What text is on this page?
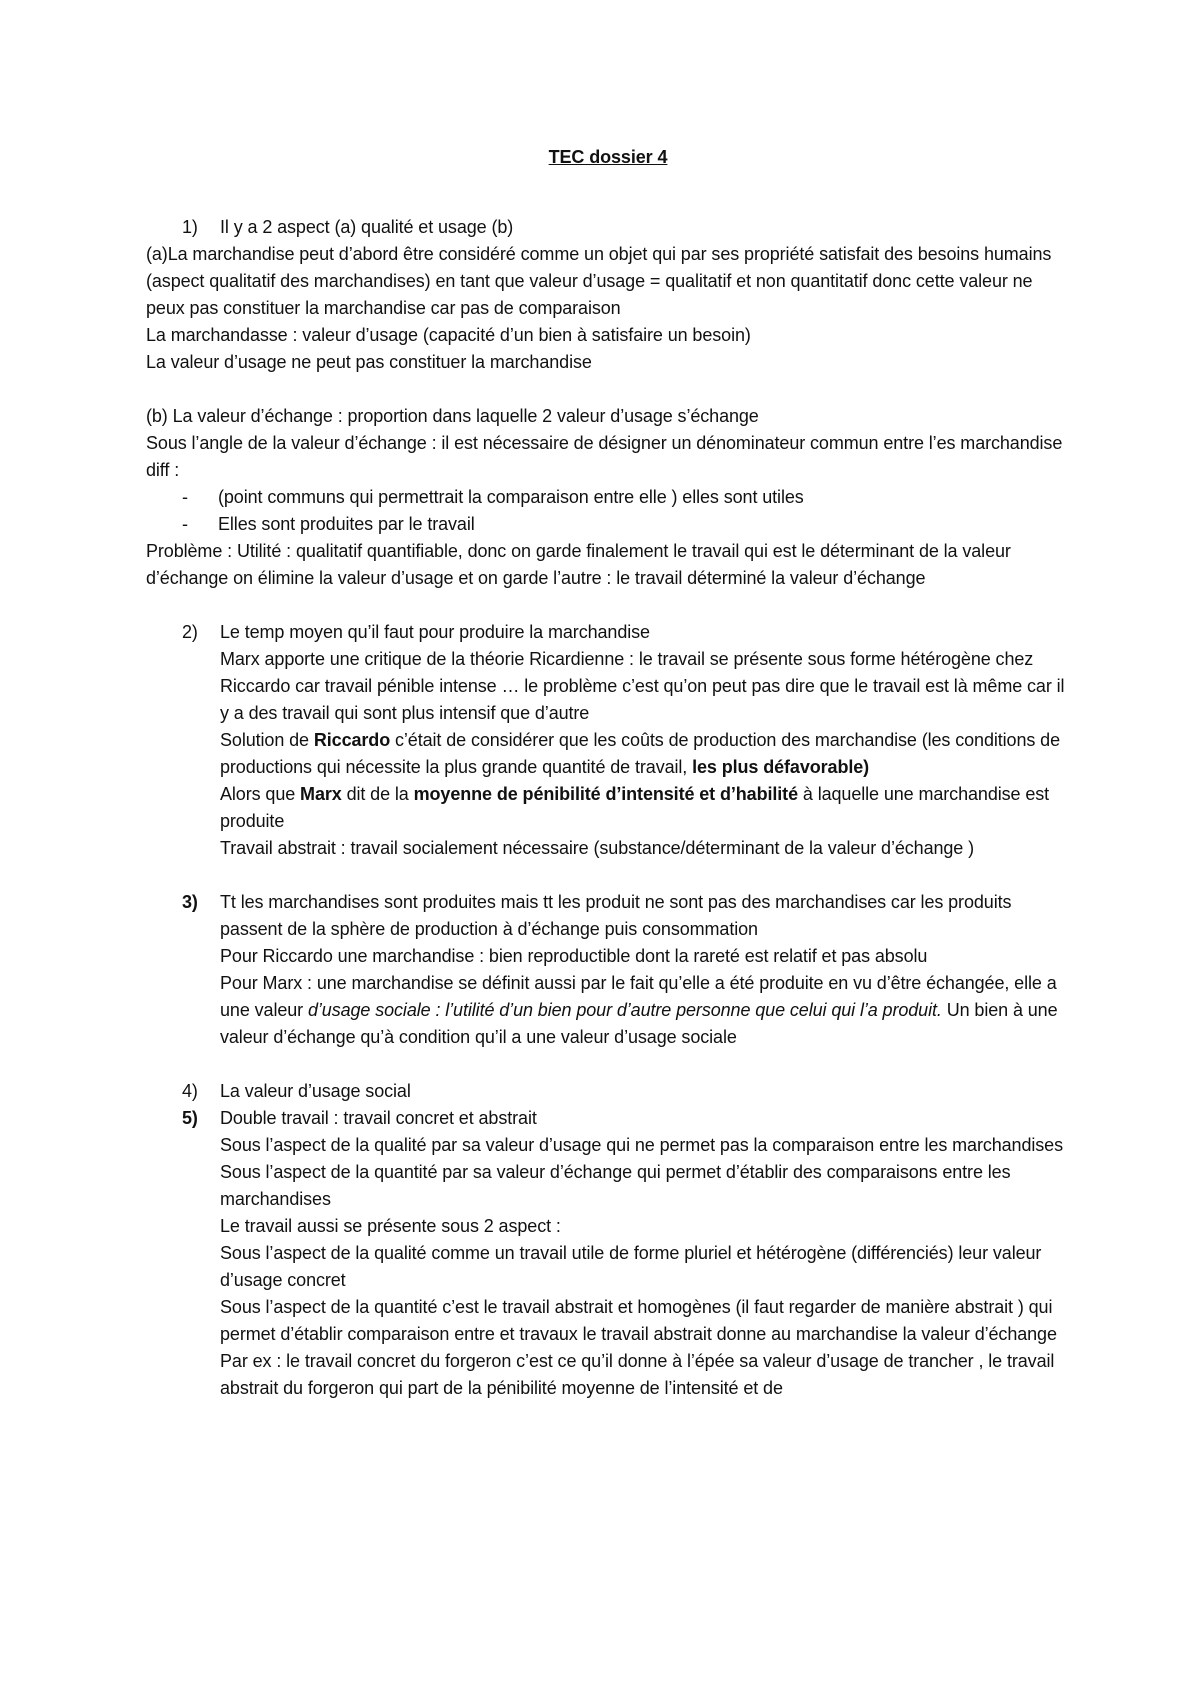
TEC dossier 4

1)	Il y a 2 aspect (a) qualité et usage (b)

(a)La marchandise peut d’abord être considéré comme un objet qui par ses propriété satisfait des besoins humains (aspect qualitatif des marchandises) en tant que valeur d’usage = qualitatif et non quantitatif donc cette valeur ne peux pas constituer la marchandise car pas de comparaison

La marchandasse : valeur d’usage (capacité d’un bien à satisfaire un besoin)

La valeur d’usage ne peut pas constituer la marchandise

(b) La valeur d’échange : proportion dans laquelle 2 valeur d’usage s’échange

Sous l’angle de la valeur d’échange : il est nécessaire de désigner un dénominateur commun entre l’es marchandise diff :

-	(point communs qui permettrait la comparaison entre elle ) elles sont utiles
-	Elles sont produites par le travail

Problème : Utilité : qualitatif quantifiable, donc on garde finalement le travail qui est le déterminant de la valeur d’échange on élimine la valeur d’usage et on garde l’autre : le travail déterminé la valeur d’échange

2)	Le temp moyen qu’il faut pour produire la marchandise

Marx apporte une critique de la théorie Ricardienne : le travail se présente sous forme hétérogène chez Riccardo car travail pénible intense … le problème c’est qu’on peut pas dire que le travail est là même car il y a des travail qui sont plus intensif que d’autre

Solution de Riccardo c’était de considérer que les coûts de production des marchandise (les conditions de productions qui nécessite la plus grande quantité de travail, les plus défavorable)

Alors que Marx dit de la moyenne de pénibilité d’intensité et d’habilité à laquelle une marchandise est produite

Travail abstrait : travail socialement nécessaire (substance/déterminant de la valeur d’échange )

3)	Tt les marchandises sont produites mais tt les produit ne sont pas des marchandises car les produits passent de la sphère de production à d’échange puis consommation

Pour Riccardo une marchandise : bien reproductible dont la rareté est relatif et pas absolu

Pour Marx : une marchandise se définit aussi par le fait qu’elle a été produite en vu d’être échangée, elle a une valeur d’usage sociale : l’utilité d’un bien pour d’autre personne que celui qui l’a produit. Un bien à une valeur d’échange qu’à condition qu’il a une valeur d’usage sociale

4)	La valeur d’usage social
5)	Double travail : travail concret et abstrait

Sous l’aspect de la qualité par sa valeur d’usage qui ne permet pas la comparaison entre les marchandises

Sous l’aspect de la quantité par sa valeur d’échange qui permet d’établir des comparaisons entre les marchandises

Le travail aussi se présente sous 2 aspect :

Sous l’aspect de la qualité comme un travail utile de forme pluriel et hétérogène (différenciés) leur valeur d’usage concret

Sous l’aspect de la quantité c’est le travail abstrait et homogènes (il faut regarder de manière abstrait ) qui permet d’établir comparaison entre et travaux le travail abstrait donne au marchandise la valeur d’échange

Par ex : le travail concret du forgeron c’est ce qu’il donne à l’épée sa valeur d’usage de trancher , le travail abstrait du forgeron qui part de la pénibilité moyenne de l’intensité et de
